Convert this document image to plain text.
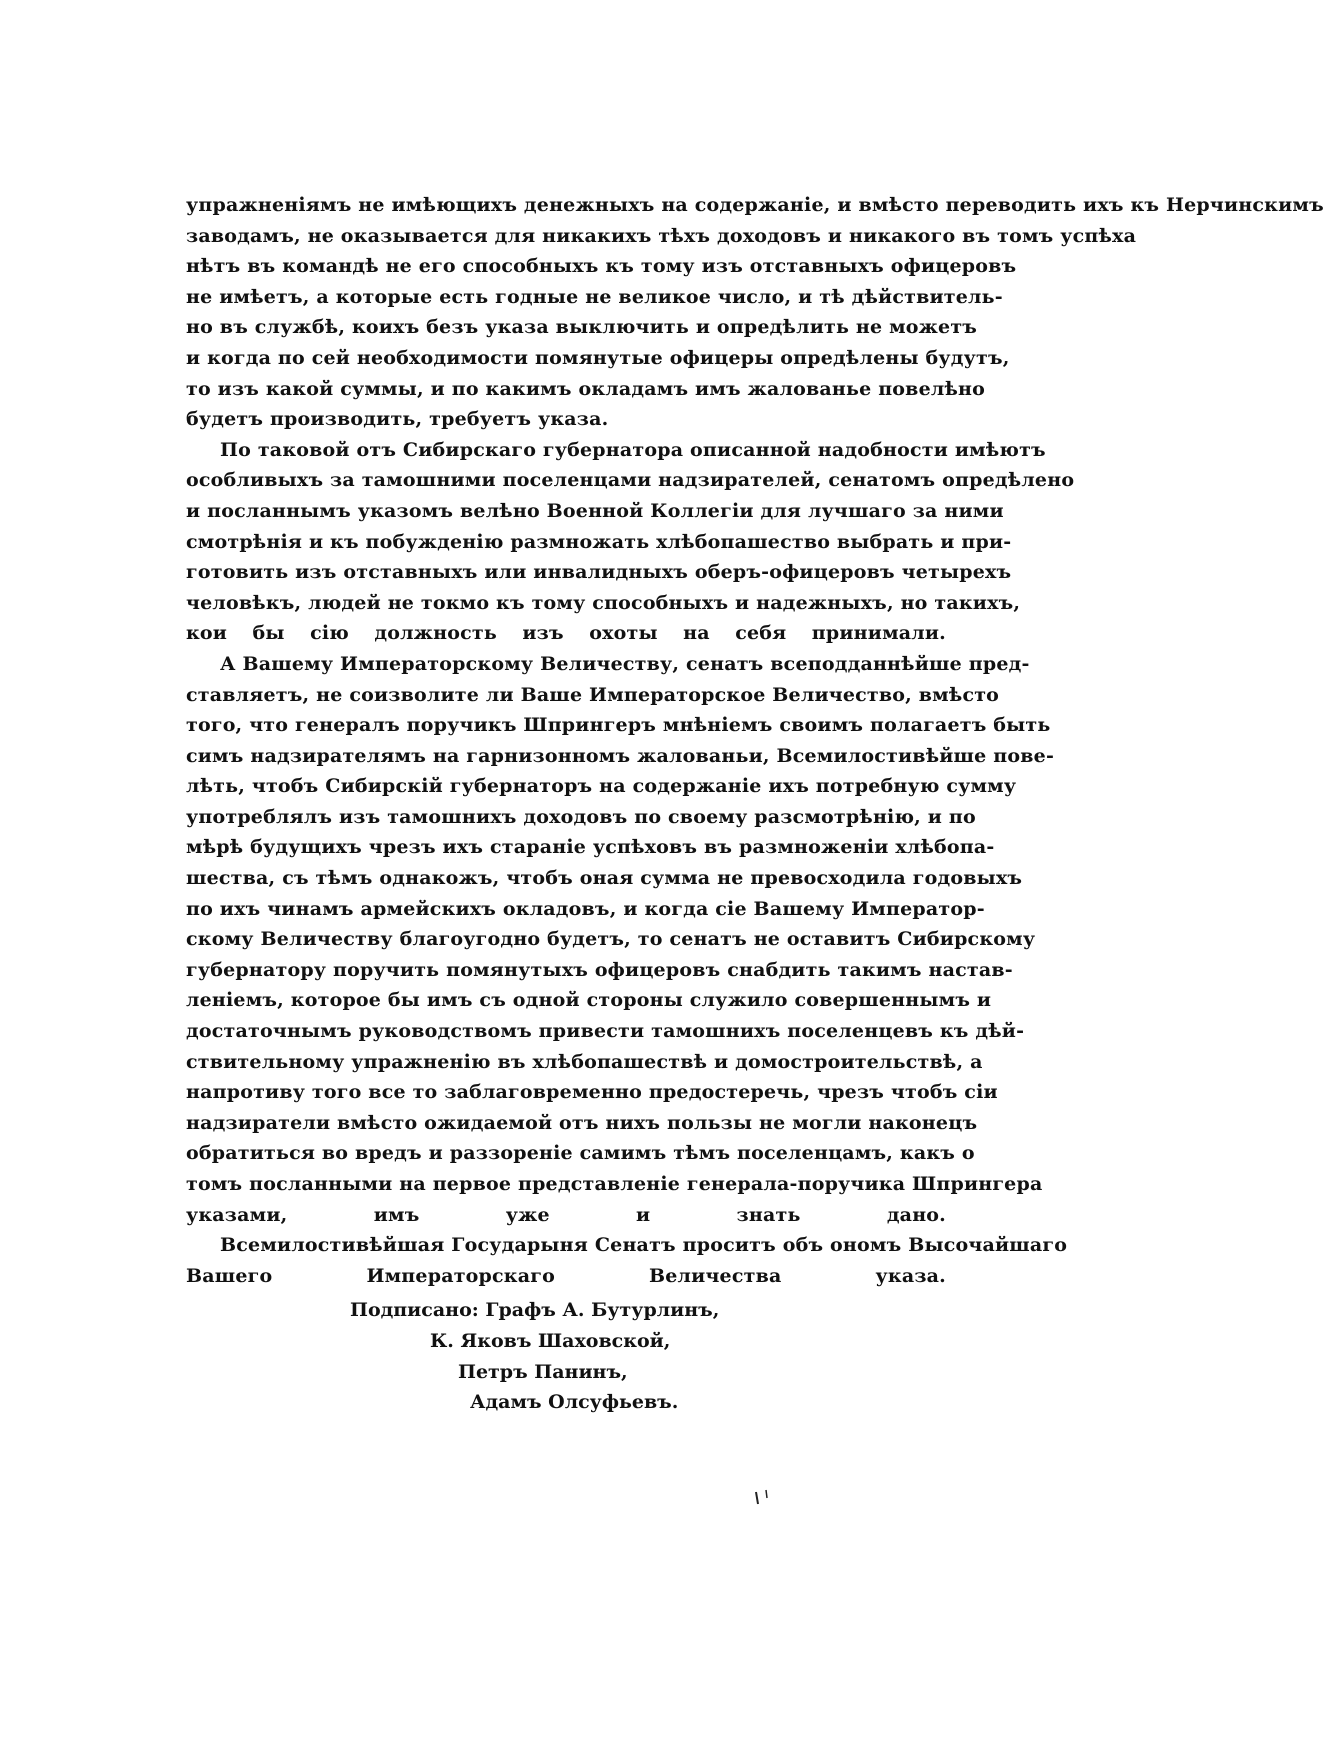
упражненіямъ не имѣющихъ денежныхъ на содержаніе, и вмѣсто переводить ихъ къ Нерчинскимъ
заводамъ, не оказывается для никакихъ тѣхъ доходовъ и никакого въ томъ успѣха
нѣтъ въ командѣ не его способныхъ къ тому изъ отставныхъ офицеровъ
не имѣетъ, а которые есть годные не великое число, и тѣ дѣйствитель-
но въ службѣ, коихъ безъ указа выключить и опредѣлить не можетъ
и когда по сей необходимости помянутые офицеры опредѣлены будутъ,
то изъ какой суммы, и по какимъ окладамъ имъ жалованье повелѣно
будетъ производить, требуетъ указа.

По таковой отъ Сибирскаго губернатора описанной надобности имѣютъ
особливыхъ за тамошними поселенцами надзирателей, сенатомъ опредѣлено
и посланнымъ указомъ велѣно Военной Коллегіи для лучшаго за ними
смотрѣнія и къ побужденію размножать хлѣбопашество выбрать и при-
готовить изъ отставныхъ или инвалидныхъ оберъ-офицеровъ четырехъ
человѣкъ, людей не токмо къ тому способныхъ и надежныхъ, но такихъ,
кои бы сію должность изъ охоты на себя принимали.

А Вашему Императорскому Величеству, сенатъ всеподданнѣйше пред-
ставляетъ, не соизволите ли Ваше Императорское Величество, вмѣсто
того, что генералъ поручикъ Шпрингеръ мнѣніемъ своимъ полагаетъ быть
симъ надзирателямъ на гарнизонномъ жалованьи, Всемилостивѣйше пове-
лѣть, чтобъ Сибирскій губернаторъ на содержаніе ихъ потребную сумму
употреблялъ изъ тамошнихъ доходовъ по своему разсмотрѣнію, и по
мѣрѣ будущихъ чрезъ ихъ стараніе успѣховъ въ размноженіи хлѣбопа-
шества, съ тѣмъ однакожъ, чтобъ оная сумма не превосходила годовыхъ
по ихъ чинамъ армейскихъ окладовъ, и когда сіе Вашему Император-
скому Величеству благоугодно будетъ, то сенатъ не оставитъ Сибирскому
губернатору поручить помянутыхъ офицеровъ снабдить такимъ настав-
леніемъ, которое бы имъ съ одной стороны служило совершеннымъ и
достаточнымъ руководствомъ привести тамошнихъ поселенцевъ къ дѣй-
ствительному упражненію въ хлѣбопашествѣ и домостроительствѣ, а
напротиву того все то заблаговременно предостеречь, чрезъ чтобъ сіи
надзиратели вмѣсто ожидаемой отъ нихъ пользы не могли наконецъ
обратиться во вредъ и раззореніе самимъ тѣмъ поселенцамъ, какъ о
томъ посланными на первое представленіе генерала-поручика Шпрингера
указами, имъ уже и знать дано.

Всемилостивѣйшая Государыня Сенатъ проситъ объ ономъ Высочайшаго
Вашего Императорскаго Величества указа.

Подписано: Графъ А. Бутурлинъ,
К. Яковъ Шаховской,
Петръ Панинъ,
Адамъ Олсуфьевъ.
